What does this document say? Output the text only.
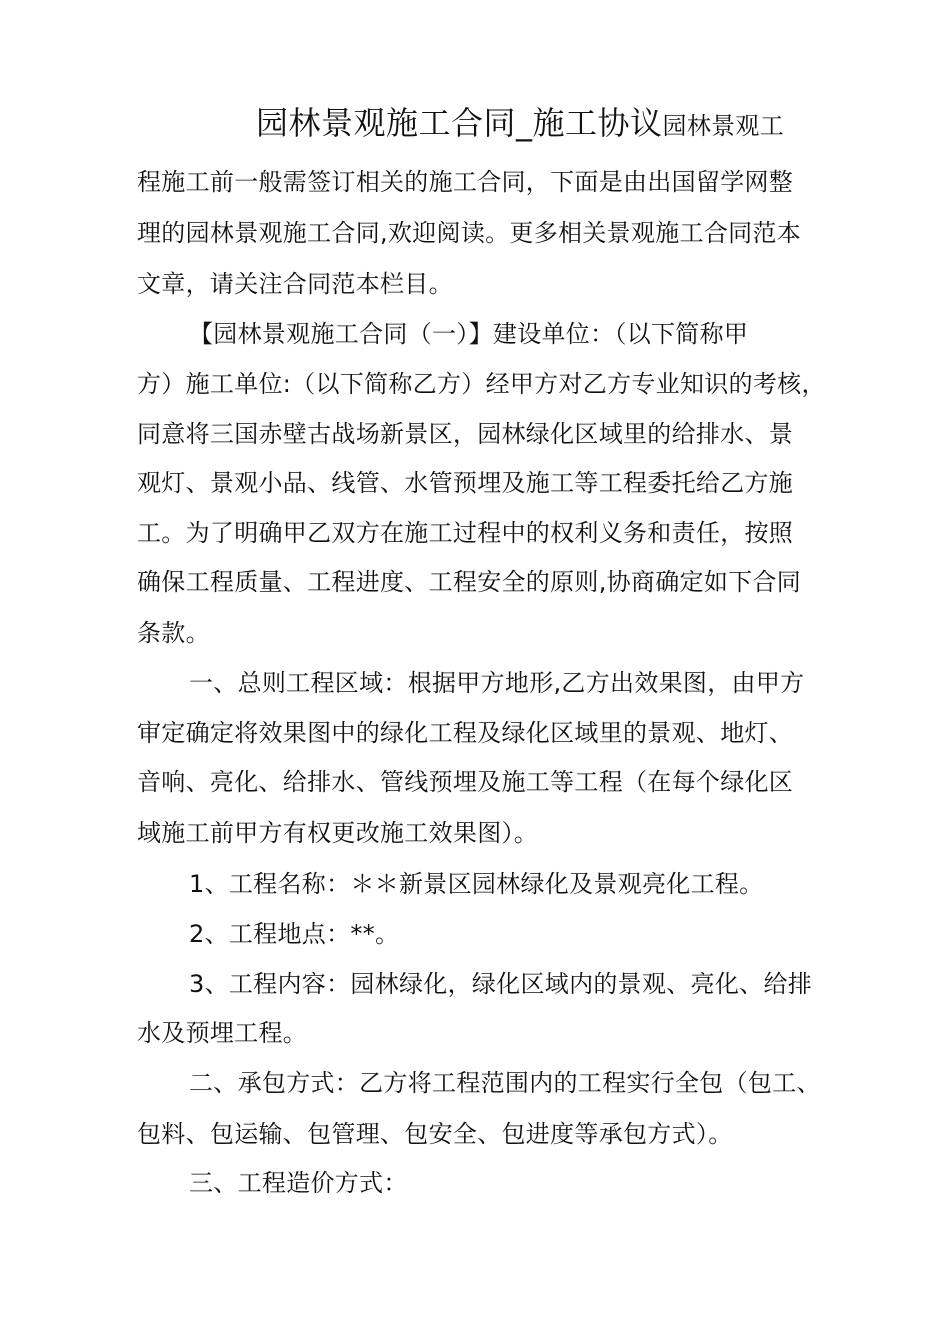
园林景观施工合同_施工协议园林景观工
程施工前一般需签订相关的施工合同，下面是由出国留学网整
理的园林景观施工合同,欢迎阅读。更多相关景观施工合同范本
文章，请关注合同范本栏目。
【园林景观施工合同（一）】建设单位：（以下简称甲
方）施工单位:（以下简称乙方）经甲方对乙方专业知识的考核，
同意将三国赤壁古战场新景区，园林绿化区域里的给排水、景
观灯、景观小品、线管、水管预埋及施工等工程委托给乙方施
工。为了明确甲乙双方在施工过程中的权利义务和责任，按照
确保工程质量、工程进度、工程安全的原则,协商确定如下合同
条款。
一、总则工程区域：根据甲方地形,乙方出效果图，由甲方
审定确定将效果图中的绿化工程及绿化区域里的景观、地灯、
音响、亮化、给排水、管线预埋及施工等工程（在每个绿化区
域施工前甲方有权更改施工效果图）。
1、工程名称：＊＊新景区园林绿化及景观亮化工程。
2、工程地点：**。
3、工程内容：园林绿化，绿化区域内的景观、亮化、给排
水及预埋工程。
二、承包方式：乙方将工程范围内的工程实行全包（包工、
包料、包运输、包管理、包安全、包进度等承包方式）。
三、工程造价方式：
